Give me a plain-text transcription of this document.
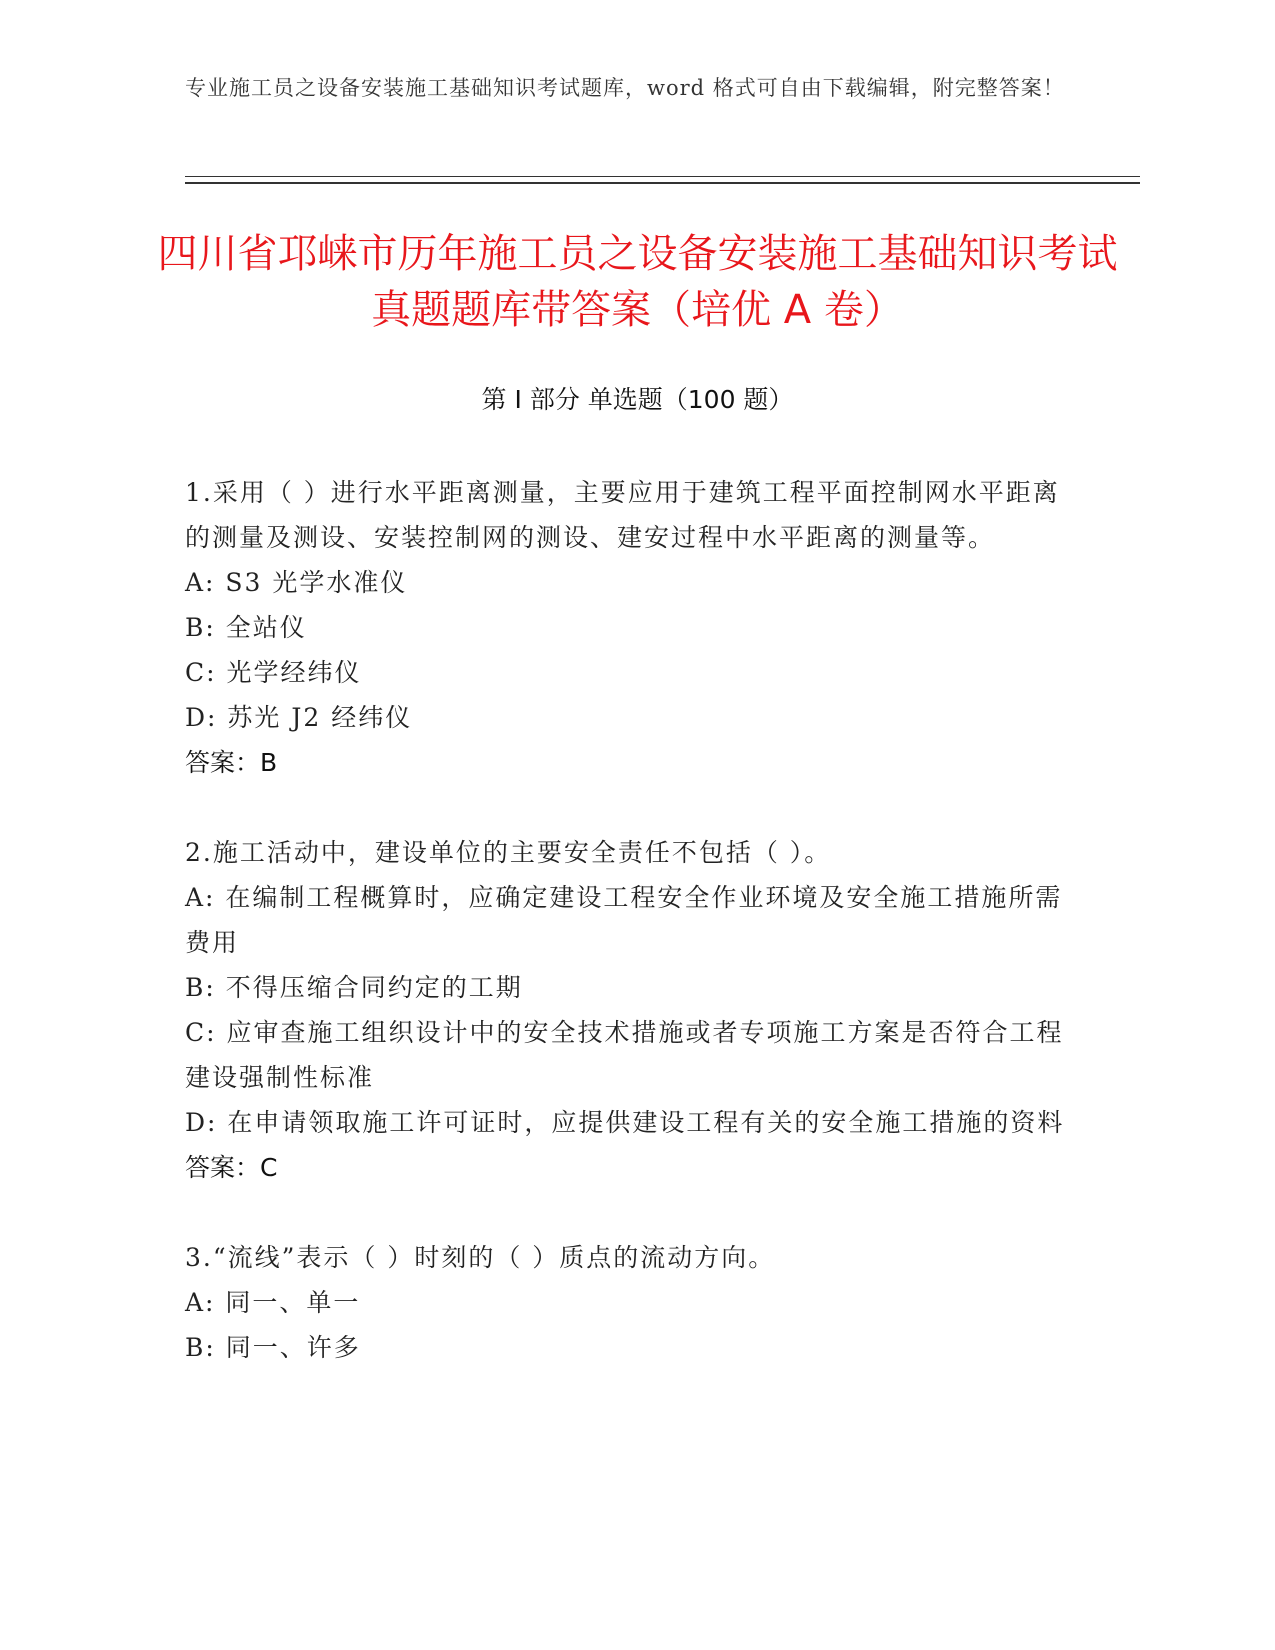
专业施工员之设备安装施工基础知识考试题库，word 格式可自由下载编辑，附完整答案！
四川省邛崃市历年施工员之设备安装施工基础知识考试真题题库带答案（培优 A 卷）
第 I 部分 单选题（100 题）
1.采用（ ）进行水平距离测量，主要应用于建筑工程平面控制网水平距离的测量及测设、安装控制网的测设、建安过程中水平距离的测量等。
A: S3 光学水准仪
B: 全站仪
C: 光学经纬仪
D: 苏光 J2 经纬仪
答案：B
2.施工活动中，建设单位的主要安全责任不包括（ ）。
A: 在编制工程概算时，应确定建设工程安全作业环境及安全施工措施所需费用
B: 不得压缩合同约定的工期
C: 应审查施工组织设计中的安全技术措施或者专项施工方案是否符合工程建设强制性标准
D: 在申请领取施工许可证时，应提供建设工程有关的安全施工措施的资料
答案：C
3.“流线”表示（ ）时刻的（ ）质点的流动方向。
A: 同一、单一
B: 同一、许多
